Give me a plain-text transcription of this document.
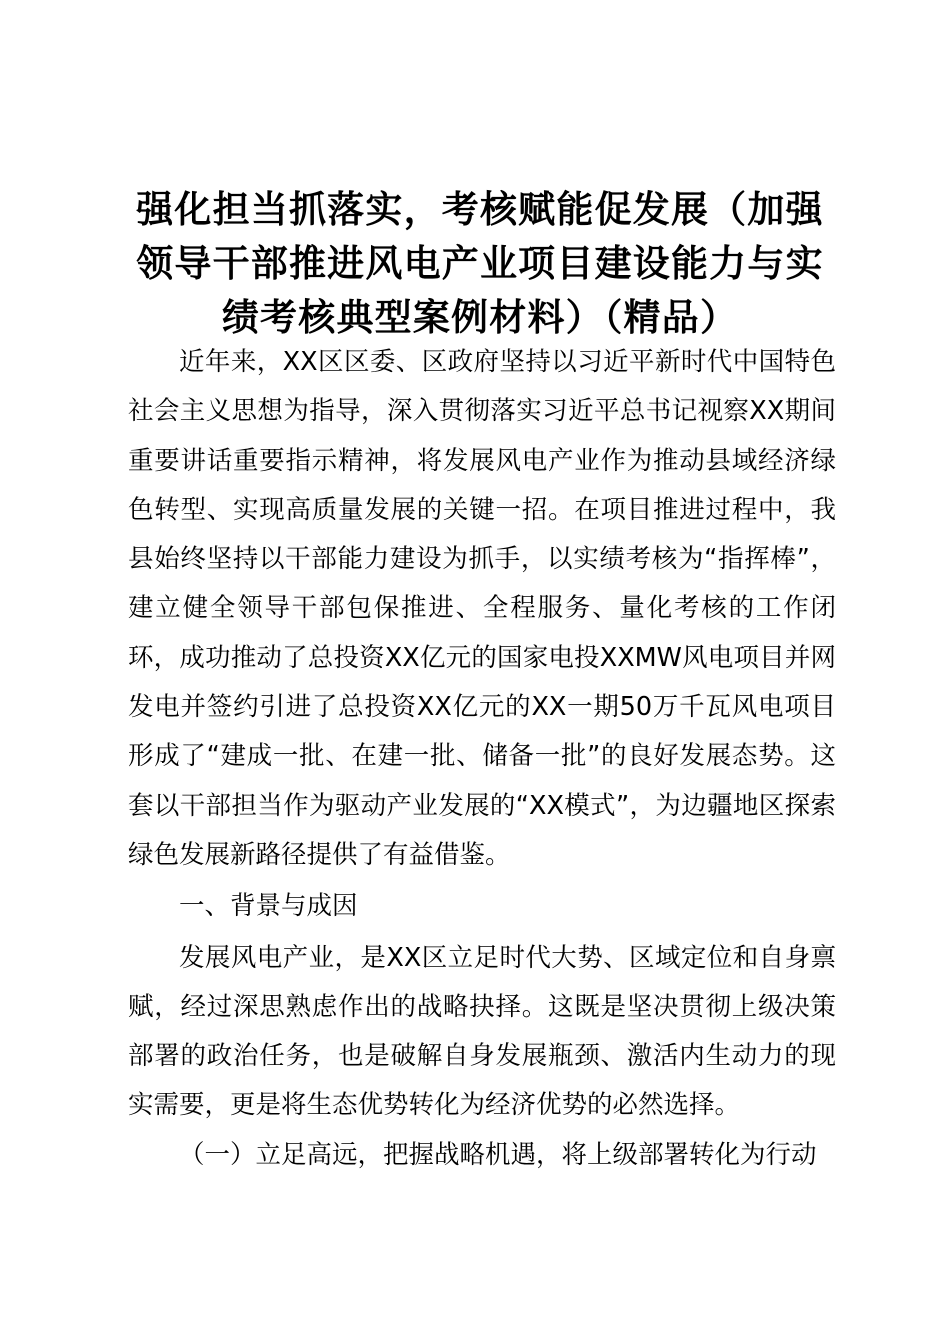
强化担当抓落实，考核赋能促发展（加强领导干部推进风电产业项目建设能力与实绩考核典型案例材料）（精品）

近年来，XX区区委、区政府坚持以习近平新时代中国特色社会主义思想为指导，深入贯彻落实习近平总书记视察XX期间重要讲话重要指示精神，将发展风电产业作为推动县域经济绿色转型、实现高质量发展的关键一招。在项目推进过程中，我县始终坚持以干部能力建设为抓手，以实绩考核为“指挥棒”，建立健全领导干部包保推进、全程服务、量化考核的工作闭环，成功推动了总投资XX亿元的国家电投XXMW风电项目并网发电并签约引进了总投资XX亿元的XX一期50万千瓦风电项目形成了“建成一批、在建一批、储备一批”的良好发展态势。这套以干部担当作为驱动产业发展的“XX模式”，为边疆地区探索绿色发展新路径提供了有益借鉴。

一、背景与成因

发展风电产业，是XX区立足时代大势、区域定位和自身禀赋，经过深思熟虑作出的战略抉择。这既是坚决贯彻上级决策部署的政治任务，也是破解自身发展瓶颈、激活内生动力的现实需要，更是将生态优势转化为经济优势的必然选择。

（一）立足高远，把握战略机遇，将上级部署转化为行动
